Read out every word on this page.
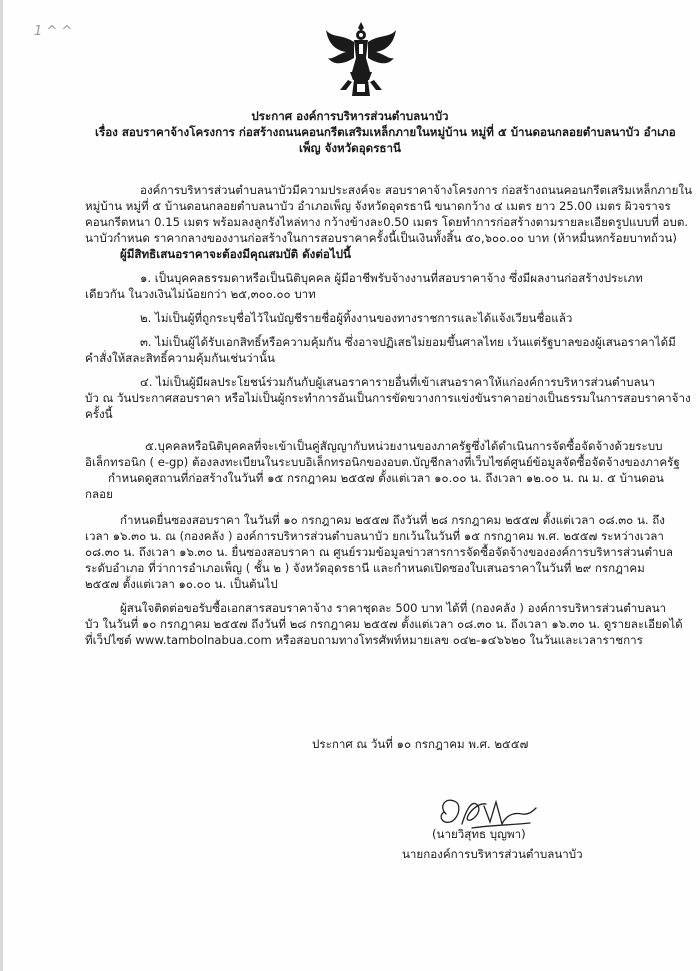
1 ^ ^
ประกาศ องค์การบริหารส่วนตำบลนาบัว
เรื่อง สอบราคาจ้างโครงการ ก่อสร้างถนนคอนกรีตเสริมเหล็กภายในหมู่บ้าน หมู่ที่ ๕ บ้านดอนกลอยตำบลนาบัว อำเภอ
เพ็ญ จังหวัดอุดรธานี
องค์การบริหารส่วนตำบลนาบัวมีความประสงค์จะ สอบราคาจ้างโครงการ ก่อสร้างถนนคอนกรีตเสริมเหล็กภายใน
หมู่บ้าน หมู่ที่ ๕ บ้านดอนกลอยตำบลนาบัว อำเภอเพ็ญ จังหวัดอุดรธานี ขนาดกว้าง ๔ เมตร ยาว 25.00 เมตร ผิวจราจร
คอนกรีตหนา 0.15 เมตร พร้อมลงลูกรังไหล่ทาง กว้างข้างละ0.50 เมตร โดยทำการก่อสร้างตามรายละเอียดรูปแบบที่ อบต.
นาบัวกำหนด ราคากลางของงานก่อสร้างในการสอบราคาครั้งนี้เป็นเงินทั้งสิ้น ๕๐,๖๐๐.๐๐ บาท (ห้าหมื่นหกร้อยบาทถ้วน)
ผู้มีสิทธิเสนอราคาจะต้องมีคุณสมบัติ ดังต่อไปนี้
๑. เป็นบุคคลธรรมดาหรือเป็นนิติบุคคล ผู้มีอาชีพรับจ้างงานที่สอบราคาจ้าง ซึ่งมีผลงานก่อสร้างประเภท
เดียวกัน ในวงเงินไม่น้อยกว่า ๒๕,๓๐๐.๐๐ บาท
๒. ไม่เป็นผู้ที่ถูกระบุชื่อไว้ในบัญชีรายชื่อผู้ทิ้งงานของทางราชการและได้แจ้งเวียนชื่อแล้ว
๓. ไม่เป็นผู้ได้รับเอกสิทธิ์หรือความคุ้มกัน ซึ่งอาจปฏิเสธไม่ยอมขึ้นศาลไทย เว้นแต่รัฐบาลของผู้เสนอราคาได้มี
คำสั่งให้สละสิทธิ์ความคุ้มกันเช่นว่านั้น
๔. ไม่เป็นผู้มีผลประโยชน์ร่วมกันกับผู้เสนอราคารายอื่นที่เข้าเสนอราคาให้แก่องค์การบริหารส่วนตำบลนา
บัว ณ วันประกาศสอบราคา หรือไม่เป็นผู้กระทำการอันเป็นการขัดขวางการแข่งขันราคาอย่างเป็นธรรมในการสอบราคาจ้าง
ครั้งนี้
๕.บุคคลหรือนิติบุคคลที่จะเข้าเป็นคู่สัญญากับหน่วยงานของภาครัฐซึ่งได้ดำเนินการจัดซื้อจัดจ้างด้วยระบบ
อิเล็กทรอนิก ( e-gp) ต้องลงทะเบียนในระบบอิเล็กทรอนิกของอบต.บัญชีกลางที่เว็บไซต์ศูนย์ข้อมูลจัดซื้อจัดจ้างของภาครัฐ
กำหนดดูสถานที่ก่อสร้างในวันที่ ๑๕ กรกฎาคม ๒๕๕๗ ตั้งแต่เวลา ๑๐.๐๐ น. ถึงเวลา ๑๒.๐๐ น. ณ ม. ๕ บ้านดอน
กลอย
กำหนดยื่นซองสอบราคา ในวันที่ ๑๐ กรกฎาคม ๒๕๕๗ ถึงวันที่ ๒๘ กรกฎาคม ๒๕๕๗ ตั้งแต่เวลา ๐๘.๓๐ น. ถึง
เวลา ๑๖.๓๐ น. ณ (กองคลัง ) องค์การบริหารส่วนตำบลนาบัว ยกเว้นในวันที่ ๑๕ กรกฎาคม พ.ศ. ๒๕๕๗ ระหว่างเวลา
๐๘.๓๐ น. ถึงเวลา ๑๖.๓๐ น. ยื่นซองสอบราคา ณ ศูนย์รวมข้อมูลข่าวสารการจัดซื้อจัดจ้างขององค์การบริหารส่วนตำบล
ระดับอำเภอ ที่ว่าการอำเภอเพ็ญ ( ชั้น ๒ ) จังหวัดอุดรธานี และกำหนดเปิดซองใบเสนอราคาในวันที่ ๒๙ กรกฎาคม
๒๕๕๗ ตั้งแต่เวลา ๑๐.๐๐ น. เป็นต้นไป
ผู้สนใจติดต่อขอรับซื้อเอกสารสอบราคาจ้าง ราคาชุดละ 500 บาท ได้ที่ (กองคลัง ) องค์การบริหารส่วนตำบลนา
บัว ในวันที่ ๑๐ กรกฎาคม ๒๕๕๗ ถึงวันที่ ๒๘ กรกฎาคม ๒๕๕๗ ตั้งแต่เวลา ๐๘.๓๐ น. ถึงเวลา ๑๖.๓๐ น. ดูรายละเอียดได้
ที่เว็ปไซต์ www.tambolnabua.com หรือสอบถามทางโทรศัพท์หมายเลข ๐๔๒-๑๔๖๖๒๐ ในวันและเวลาราชการ
ประกาศ ณ วันที่ ๑๐ กรกฎาคม พ.ศ. ๒๕๕๗
(นายวิสุทธ บุญพา)
นายกองค์การบริหารส่วนตำบลนาบัว
